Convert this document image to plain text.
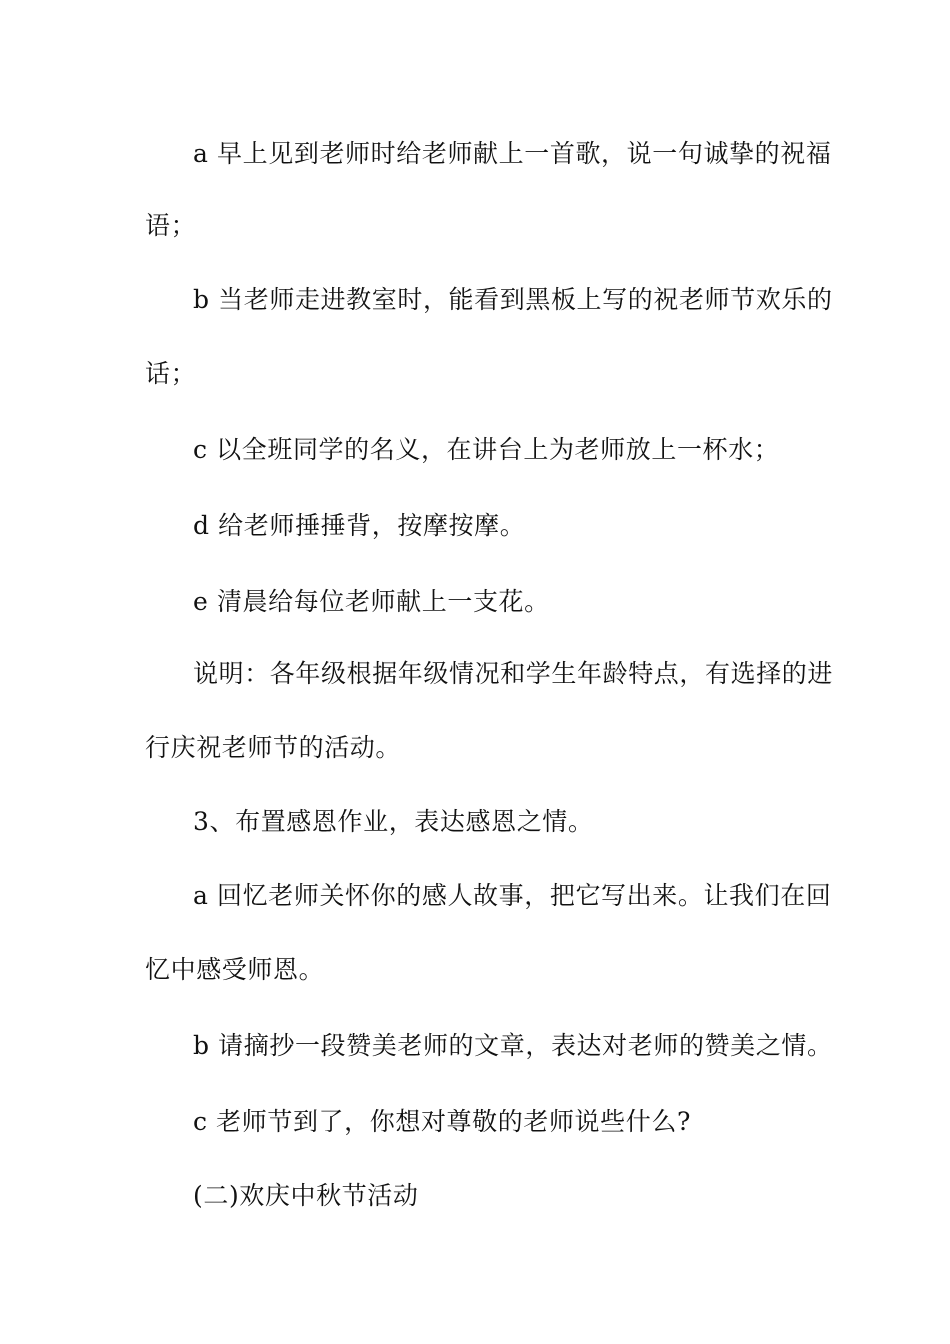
a 早上见到老师时给老师献上一首歌，说一句诚挚的祝福
语；
b 当老师走进教室时，能看到黑板上写的祝老师节欢乐的
话；
c 以全班同学的名义，在讲台上为老师放上一杯水；
d 给老师捶捶背，按摩按摩。
e 清晨给每位老师献上一支花。
说明：各年级根据年级情况和学生年龄特点，有选择的进
行庆祝老师节的活动。
3、布置感恩作业，表达感恩之情。
a 回忆老师关怀你的感人故事，把它写出来。让我们在回
忆中感受师恩。
b 请摘抄一段赞美老师的文章，表达对老师的赞美之情。
c 老师节到了，你想对尊敬的老师说些什么?
(二)欢庆中秋节活动
